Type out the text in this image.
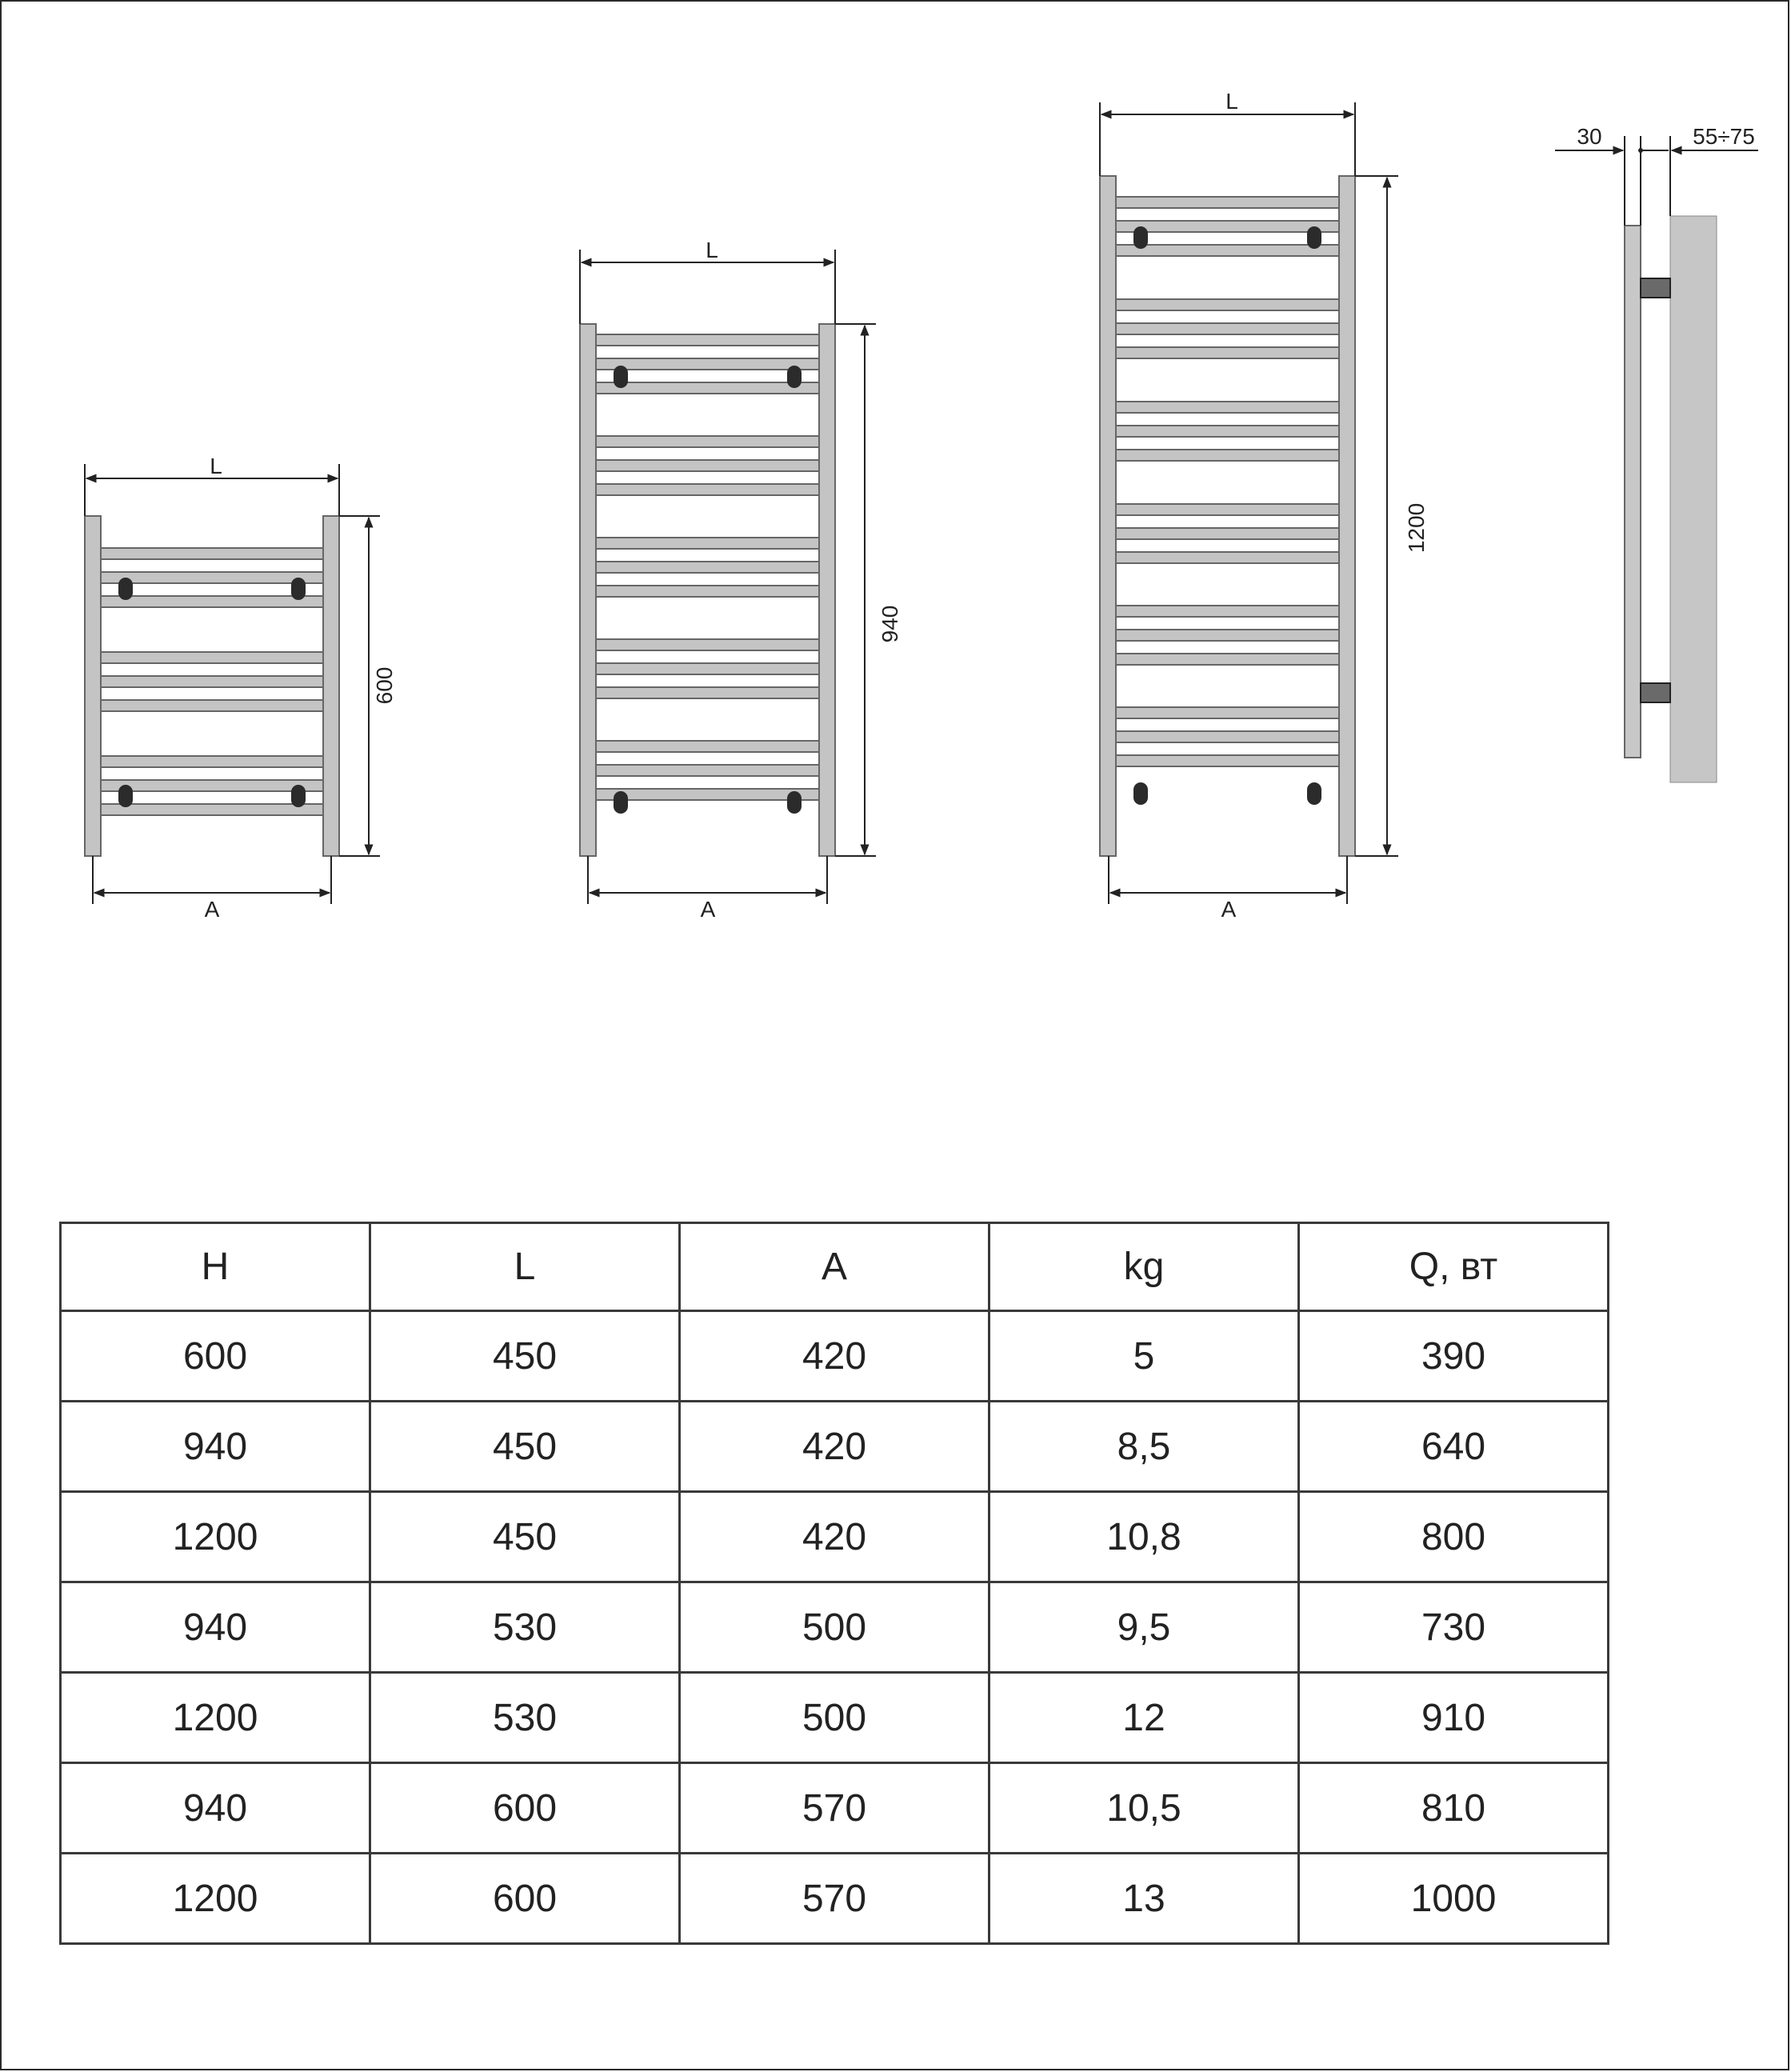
L
600
A
L
940
A
L
1200
A
30	55÷75
H	L	A	kg	Q, вт
600	450	420	5	390
940	450	420	8,5	640
1200	450	420	10,8	800
940	530	500	9,5	730
1200	530	500	12	910
940	600	570	10,5	810
1200	600	570	13	1000
